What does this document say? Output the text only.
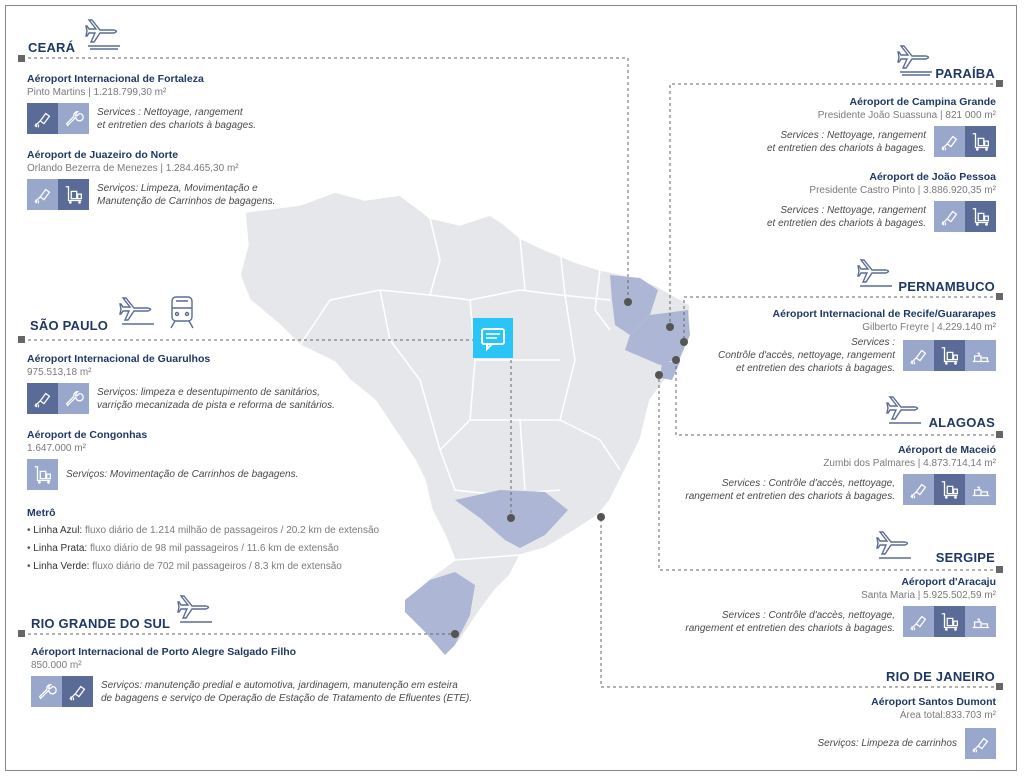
CEARÁ
SÃO PAULO
RIO GRANDE DO SUL
PARAÍBA
PERNAMBUCO
ALAGOAS
SERGIPE
RIO DE JANEIRO
Aéroport Internacional de Fortaleza
Pinto Martins | 1.218.799,30 m²
Services : Nettoyage, rangement
et entretien des chariots à bagages.
Aéroport de Juazeiro do Norte
Orlando Bezerra de Menezes | 1.284.465,30 m²
Serviços: Limpeza, Movimentação e
Manutenção de Carrinhos de bagagens.
Aéroport Internacional de Guarulhos
975.513,18 m²
Serviços: limpeza e desentupimento de sanitários,
varrição mecanizada de pista e reforma de sanitários.
Aéroport de Congonhas
1.647.000 m²
Serviços: Movimentação de Carrinhos de bagagens.
Metrô
• Linha Azul: fluxo diário de 1.214 milhão de passageiros / 20.2 km de extensão
• Linha Prata: fluxo diário de 98 mil passageiros / 11.6 km de extensão
• Linha Verde: fluxo diário de 702 mil passageiros / 8.3 km de extensão
Aéroport Internacional de Porto Alegre Salgado Filho
850.000 m²
Serviços: manutenção predial e automotiva, jardinagem, manutenção em esteira
de bagagens e serviço de Operação de Estação de Tratamento de Efluentes (ETE).
Aéroport de Campina Grande
Presidente João Suassuna | 821 000 m²
Services : Nettoyage, rangement
et entretien des chariots à bagages.
Aéroport de João Pessoa
Presidente Castro Pinto | 3.886.920,35 m²
Services : Nettoyage, rangement
et entretien des chariots à bagages.
Aéroport Internacional de Recife/Guararapes
Gilberto Freyre | 4.229.140 m²
Services :
Contrôle d'accès, nettoyage, rangement
et entretien des chariots à bagages.
Aéroport de Maceió
Zumbi dos Palmares | 4.873.714,14 m²
Services : Contrôle d'accès, nettoyage,
rangement et entretien des chariots à bagages.
Aéroport d'Aracaju
Santa Maria | 5.925.502,59 m²
Services : Contrôle d'accès, nettoyage,
rangement et entretien des chariots à bagages.
Aéroport Santos Dumont
Área total:833.703 m²
Serviços: Limpeza de carrinhos
